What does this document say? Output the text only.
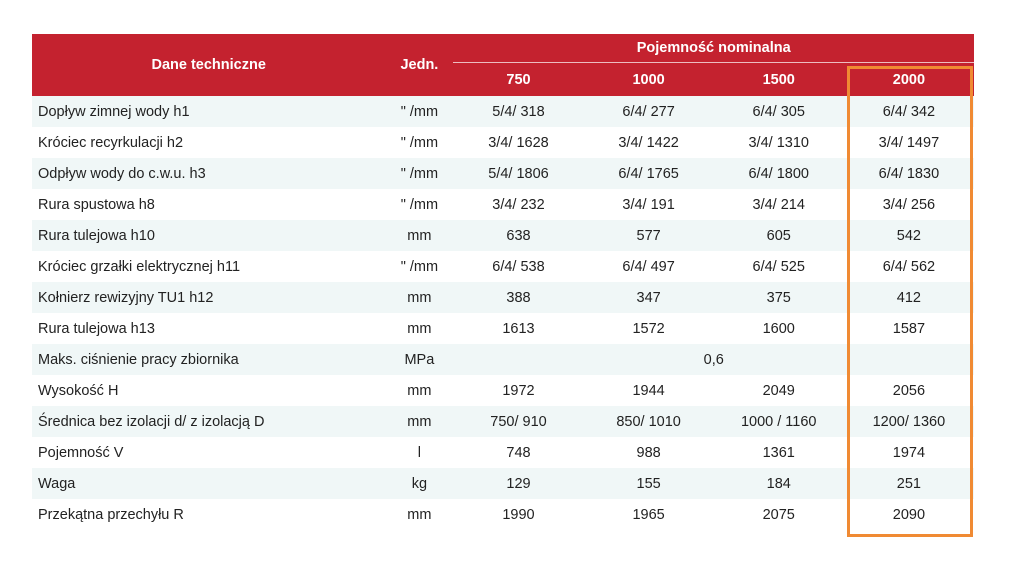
Dane techniczne	Jedn.	Pojemność nominalna			
		750	1000	1500	2000
Dopływ zimnej wody h1	" /mm	5/4/ 318	6/4/ 277	6/4/ 305	6/4/ 342
Króciec recyrkulacji h2	" /mm	3/4/ 1628	3/4/ 1422	3/4/ 1310	3/4/ 1497
Odpływ wody do c.w.u. h3	" /mm	5/4/ 1806	6/4/ 1765	6/4/ 1800	6/4/ 1830
Rura spustowa h8	" /mm	3/4/ 232	3/4/ 191	3/4/ 214	3/4/ 256
Rura tulejowa h10	mm	638	577	605	542
Króciec grzałki elektrycznej h11	" /mm	6/4/ 538	6/4/ 497	6/4/ 525	6/4/ 562
Kołnierz rewizyjny TU1 h12	mm	388	347	375	412
Rura tulejowa h13	mm	1613	1572	1600	1587
Maks. ciśnienie pracy zbiornika	MPa	0,6			
Wysokość H	mm	1972	1944	2049	2056
Średnica bez izolacji d/ z izolacją D	mm	750/ 910	850/ 1010	1000 / 1160	1200/ 1360
Pojemność V	l	748	988	1361	1974
Waga	kg	129	155	184	251
Przekątna przechyłu R	mm	1990	1965	2075	2090
